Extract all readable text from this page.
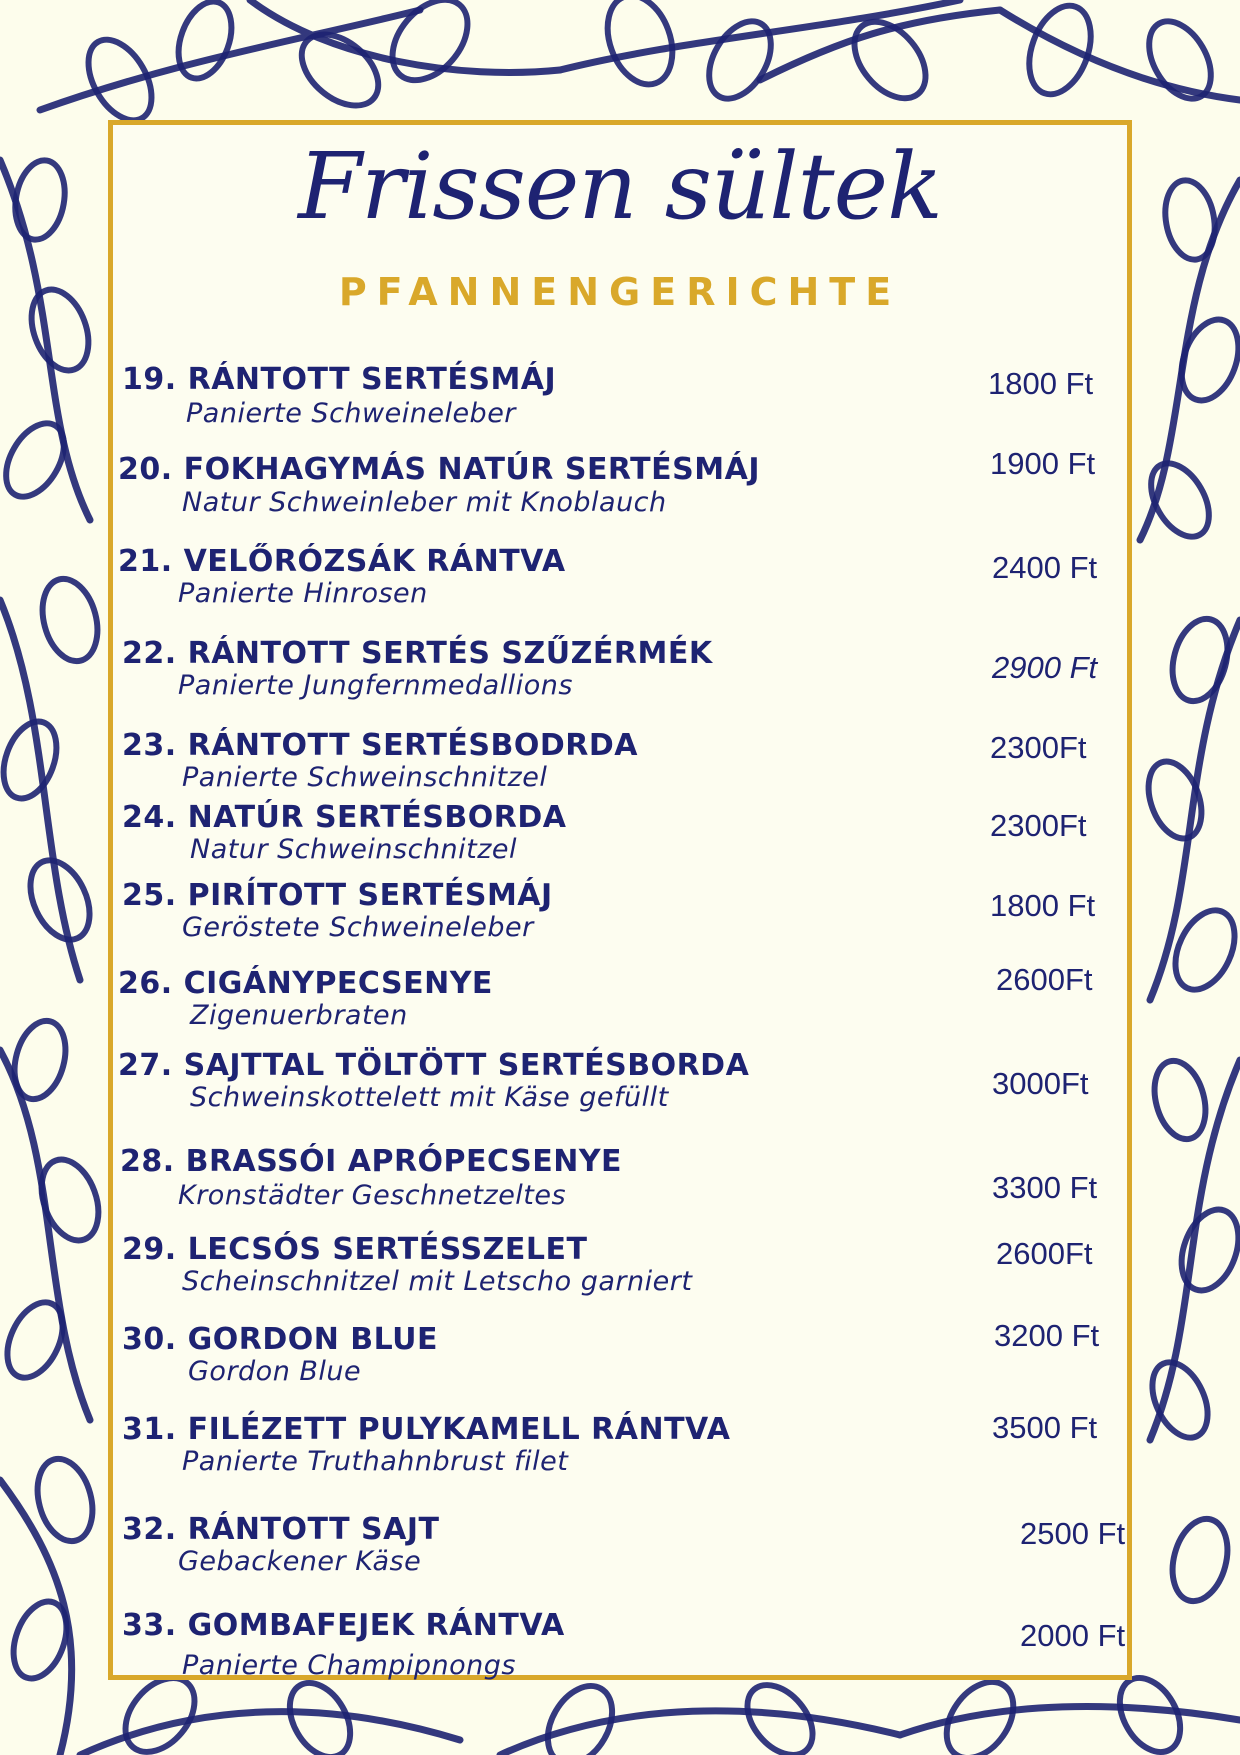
Frissen sültek
PFANNENGERICHTE
19. RÁNTOTT SERTÉSMÁJ
Panierte Schweineleber
1800 Ft
20. FOKHAGYMÁS NATÚR SERTÉSMÁJ
Natur Schweinleber mit Knoblauch
1900 Ft
21. VELŐRÓZSÁK RÁNTVA
Panierte Hinrosen
2400 Ft
22. RÁNTOTT SERTÉS SZŰZÉRMÉK
Panierte Jungfernmedallions
2900 Ft
23. RÁNTOTT SERTÉSBODRDA
Panierte Schweinschnitzel
2300Ft
24. NATÚR SERTÉSBORDA
Natur Schweinschnitzel
2300Ft
25. PIRÍTOTT SERTÉSMÁJ
Geröstete Schweineleber
1800 Ft
26. CIGÁNYPECSENYE
Zigenuerbraten
2600Ft
27. SAJTTAL TÖLTÖTT SERTÉSBORDA
Schweinskottelett mit Käse gefüllt	3000Ft
28. BRASSÓI APRÓPECSENYE
Kronstädter Geschnetzeltes	3300 Ft
29. LECSÓS SERTÉSSZELET
Scheinschnitzel mit Letscho garniert
2600Ft
30. GORDON BLUE
Gordon Blue
3200 Ft
31. FILÉZETT PULYKAMELL RÁNTVA
Panierte Truthahnbrust filet
3500 Ft
32. RÁNTOTT SAJT
Gebackener Käse
2500 Ft
33. GOMBAFEJEK RÁNTVA
Panierte Champipnongs
2000 Ft
